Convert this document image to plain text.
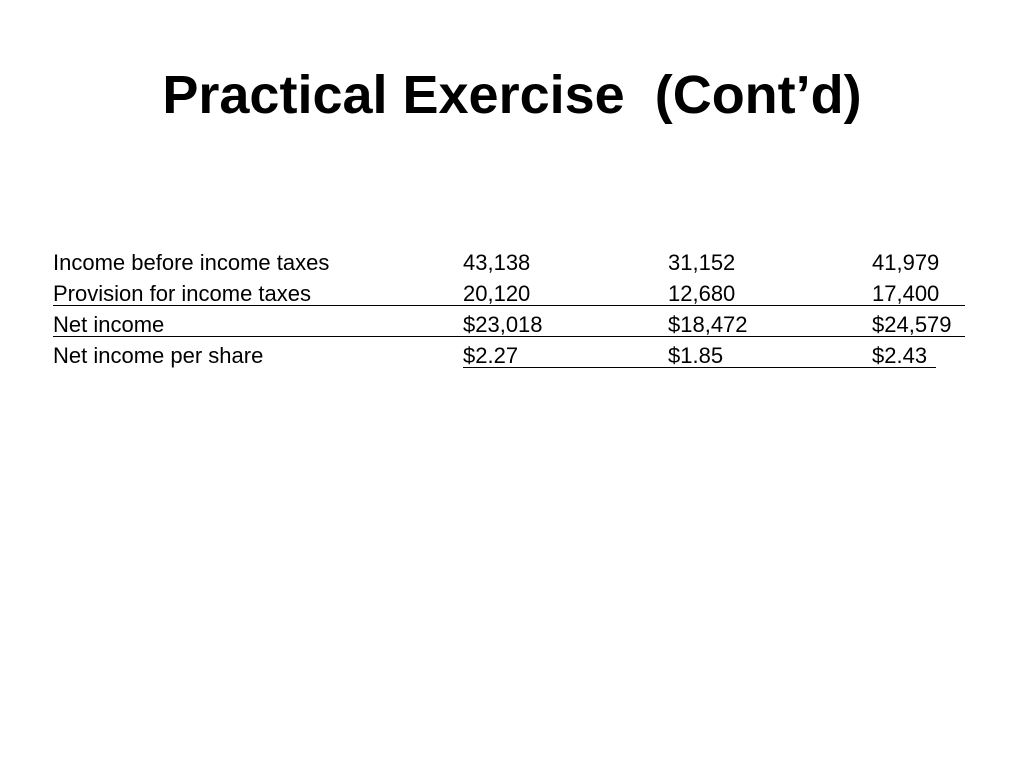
Practical Exercise  (Cont’d)
Income before income taxes	43,138	31,152	41,979
Provision for income taxes	20,120	12,680	17,400
Net income	$23,018	$18,472	$24,579
Net income per share	$2.27	$1.85	$2.43
